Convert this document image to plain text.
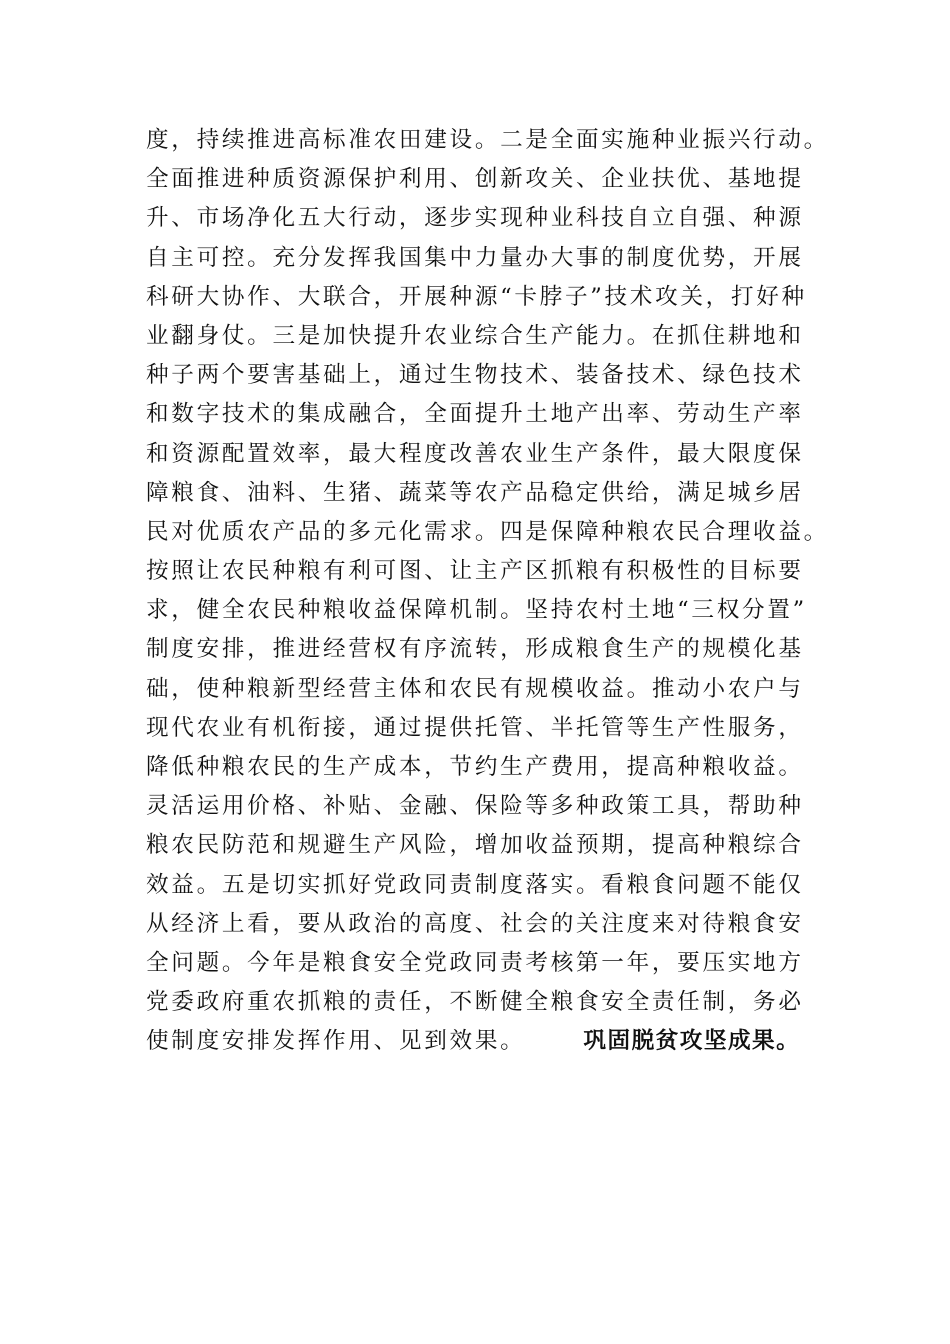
度，持续推进高标准农田建设。二是全面实施种业振兴行动。
全面推进种质资源保护利用、创新攻关、企业扶优、基地提
升、市场净化五大行动，逐步实现种业科技自立自强、种源
自主可控。充分发挥我国集中力量办大事的制度优势，开展
科研大协作、大联合，开展种源“卡脖子”技术攻关，打好种
业翻身仗。三是加快提升农业综合生产能力。在抓住耕地和
种子两个要害基础上，通过生物技术、装备技术、绿色技术
和数字技术的集成融合，全面提升土地产出率、劳动生产率
和资源配置效率，最大程度改善农业生产条件，最大限度保
障粮食、油料、生猪、蔬菜等农产品稳定供给，满足城乡居
民对优质农产品的多元化需求。四是保障种粮农民合理收益。
按照让农民种粮有利可图、让主产区抓粮有积极性的目标要
求，健全农民种粮收益保障机制。坚持农村土地“三权分置”
制度安排，推进经营权有序流转，形成粮食生产的规模化基
础，使种粮新型经营主体和农民有规模收益。推动小农户与
现代农业有机衔接，通过提供托管、半托管等生产性服务，
降低种粮农民的生产成本，节约生产费用，提高种粮收益。
灵活运用价格、补贴、金融、保险等多种政策工具，帮助种
粮农民防范和规避生产风险，增加收益预期，提高种粮综合
效益。五是切实抓好党政同责制度落实。看粮食问题不能仅
从经济上看，要从政治的高度、社会的关注度来对待粮食安
全问题。今年是粮食安全党政同责考核第一年，要压实地方
党委政府重农抓粮的责任，不断健全粮食安全责任制，务必
使制度安排发挥作用、见到效果。	巩固脱贫攻坚成果。
